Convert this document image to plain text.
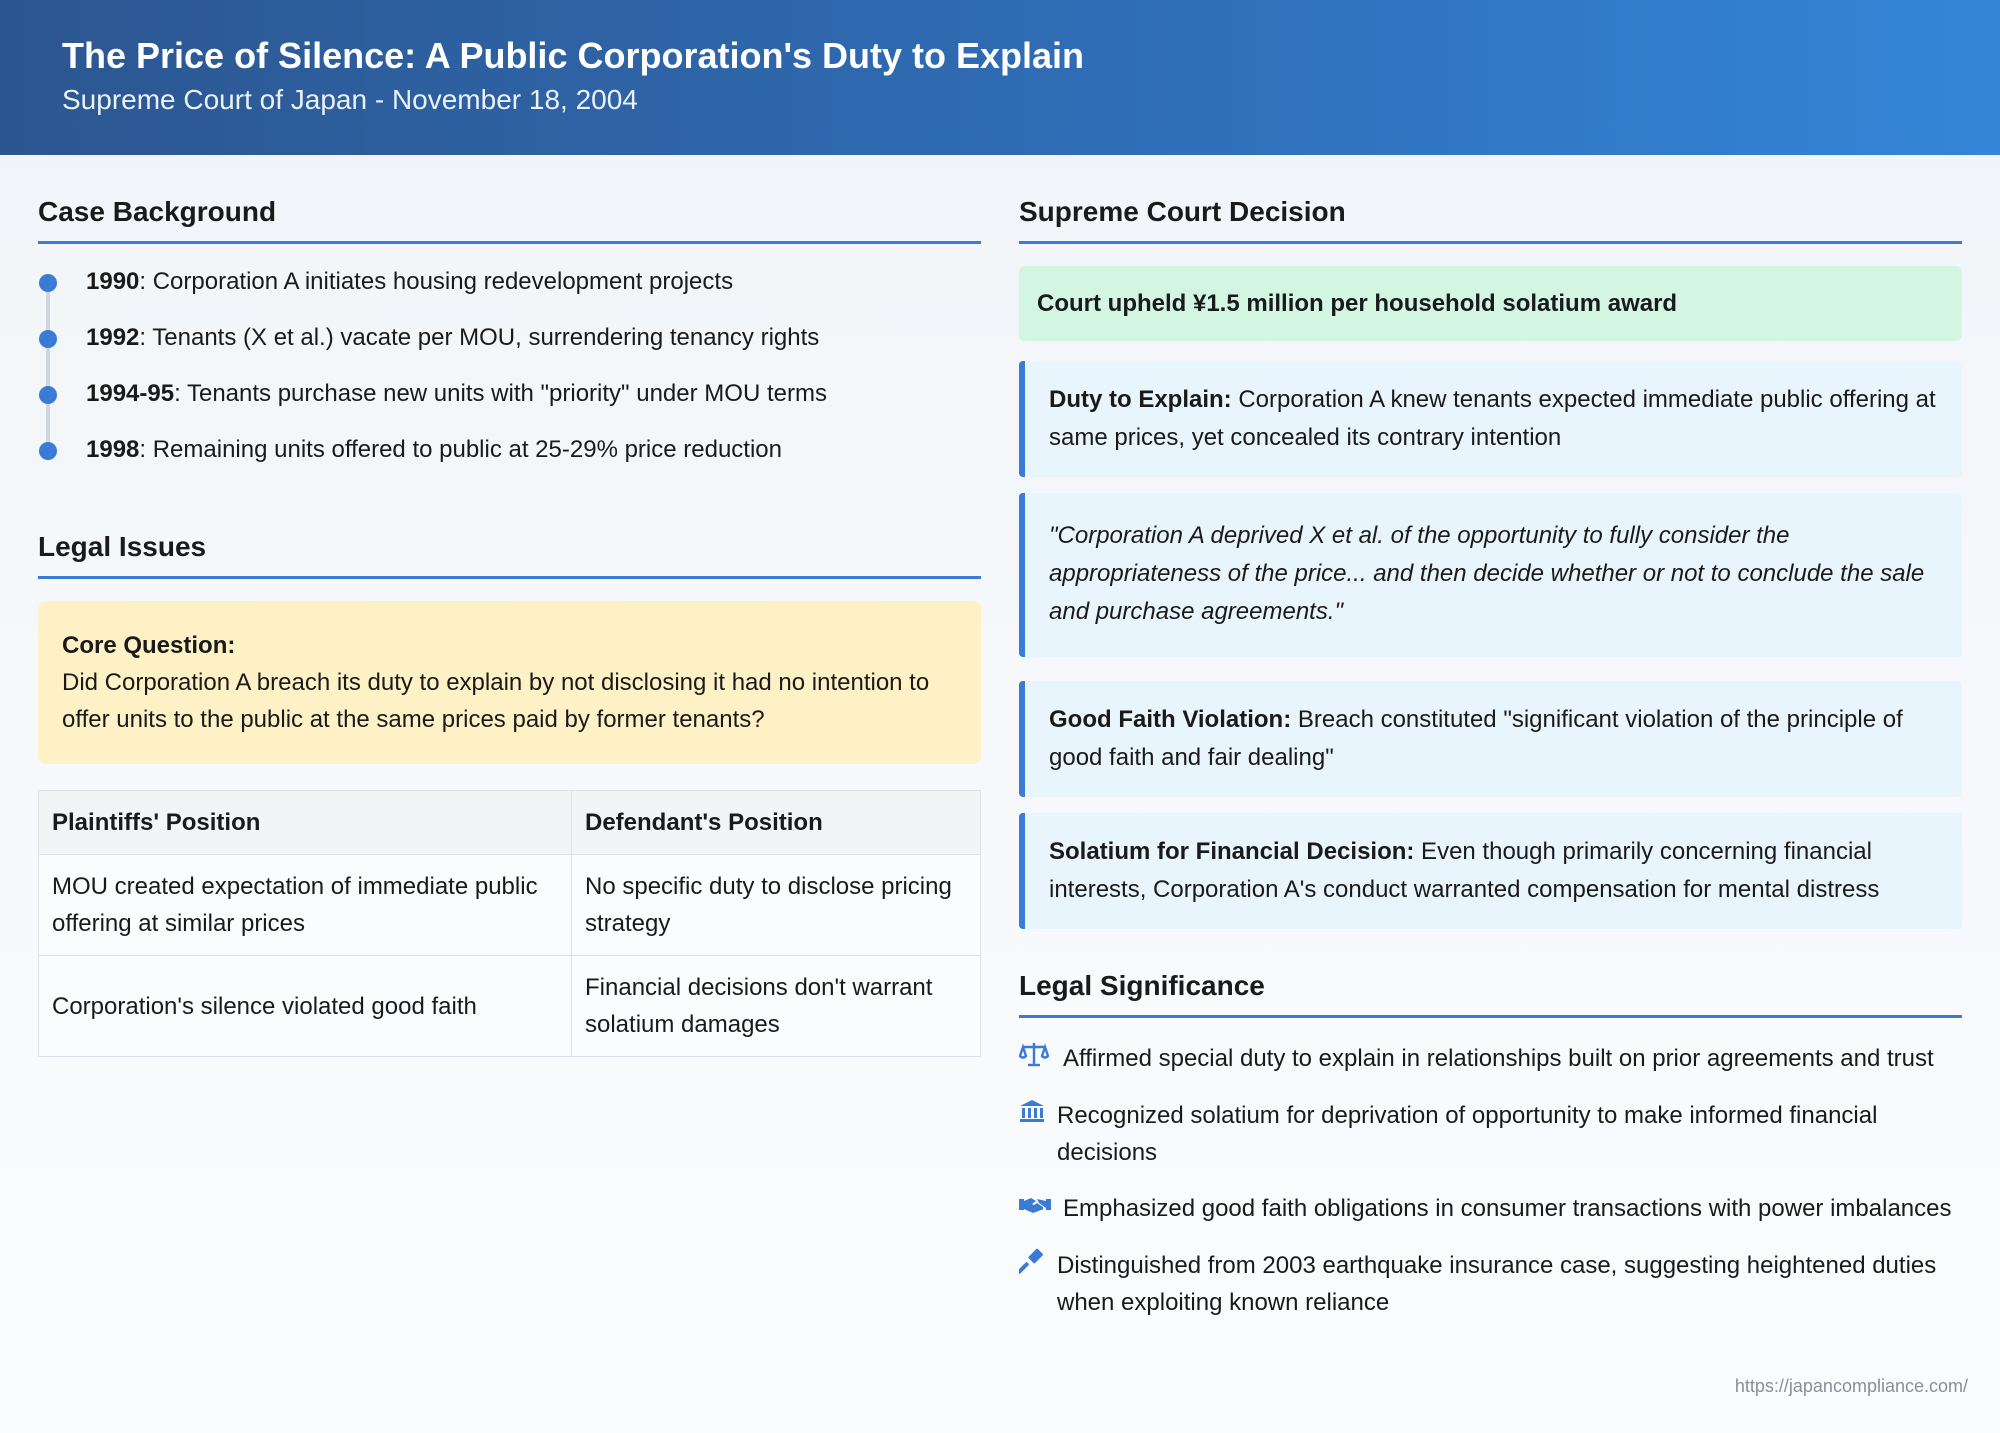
The Price of Silence: A Public Corporation's Duty to Explain
Supreme Court of Japan - November 18, 2004
Case Background
1990: Corporation A initiates housing redevelopment projects
1992: Tenants (X et al.) vacate per MOU, surrendering tenancy rights
1994-95: Tenants purchase new units with "priority" under MOU terms
1998: Remaining units offered to public at 25-29% price reduction
Legal Issues
Core Question:
Did Corporation A breach its duty to explain by not disclosing it had no intention to offer units to the public at the same prices paid by former tenants?
Plaintiffs' Position	Defendant's Position
MOU created expectation of immediate public offering at similar prices	No specific duty to disclose pricing strategy
Corporation's silence violated good faith	Financial decisions don't warrant solatium damages
Supreme Court Decision
Court upheld ¥1.5 million per household solatium award
Duty to Explain: Corporation A knew tenants expected immediate public offering at same prices, yet concealed its contrary intention
"Corporation A deprived X et al. of the opportunity to fully consider the appropriateness of the price... and then decide whether or not to conclude the sale and purchase agreements."
Good Faith Violation: Breach constituted "significant violation of the principle of good faith and fair dealing"
Solatium for Financial Decision: Even though primarily concerning financial interests, Corporation A's conduct warranted compensation for mental distress
Legal Significance
Affirmed special duty to explain in relationships built on prior agreements and trust
Recognized solatium for deprivation of opportunity to make informed financial decisions
Emphasized good faith obligations in consumer transactions with power imbalances
Distinguished from 2003 earthquake insurance case, suggesting heightened duties when exploiting known reliance
https://japancompliance.com/
